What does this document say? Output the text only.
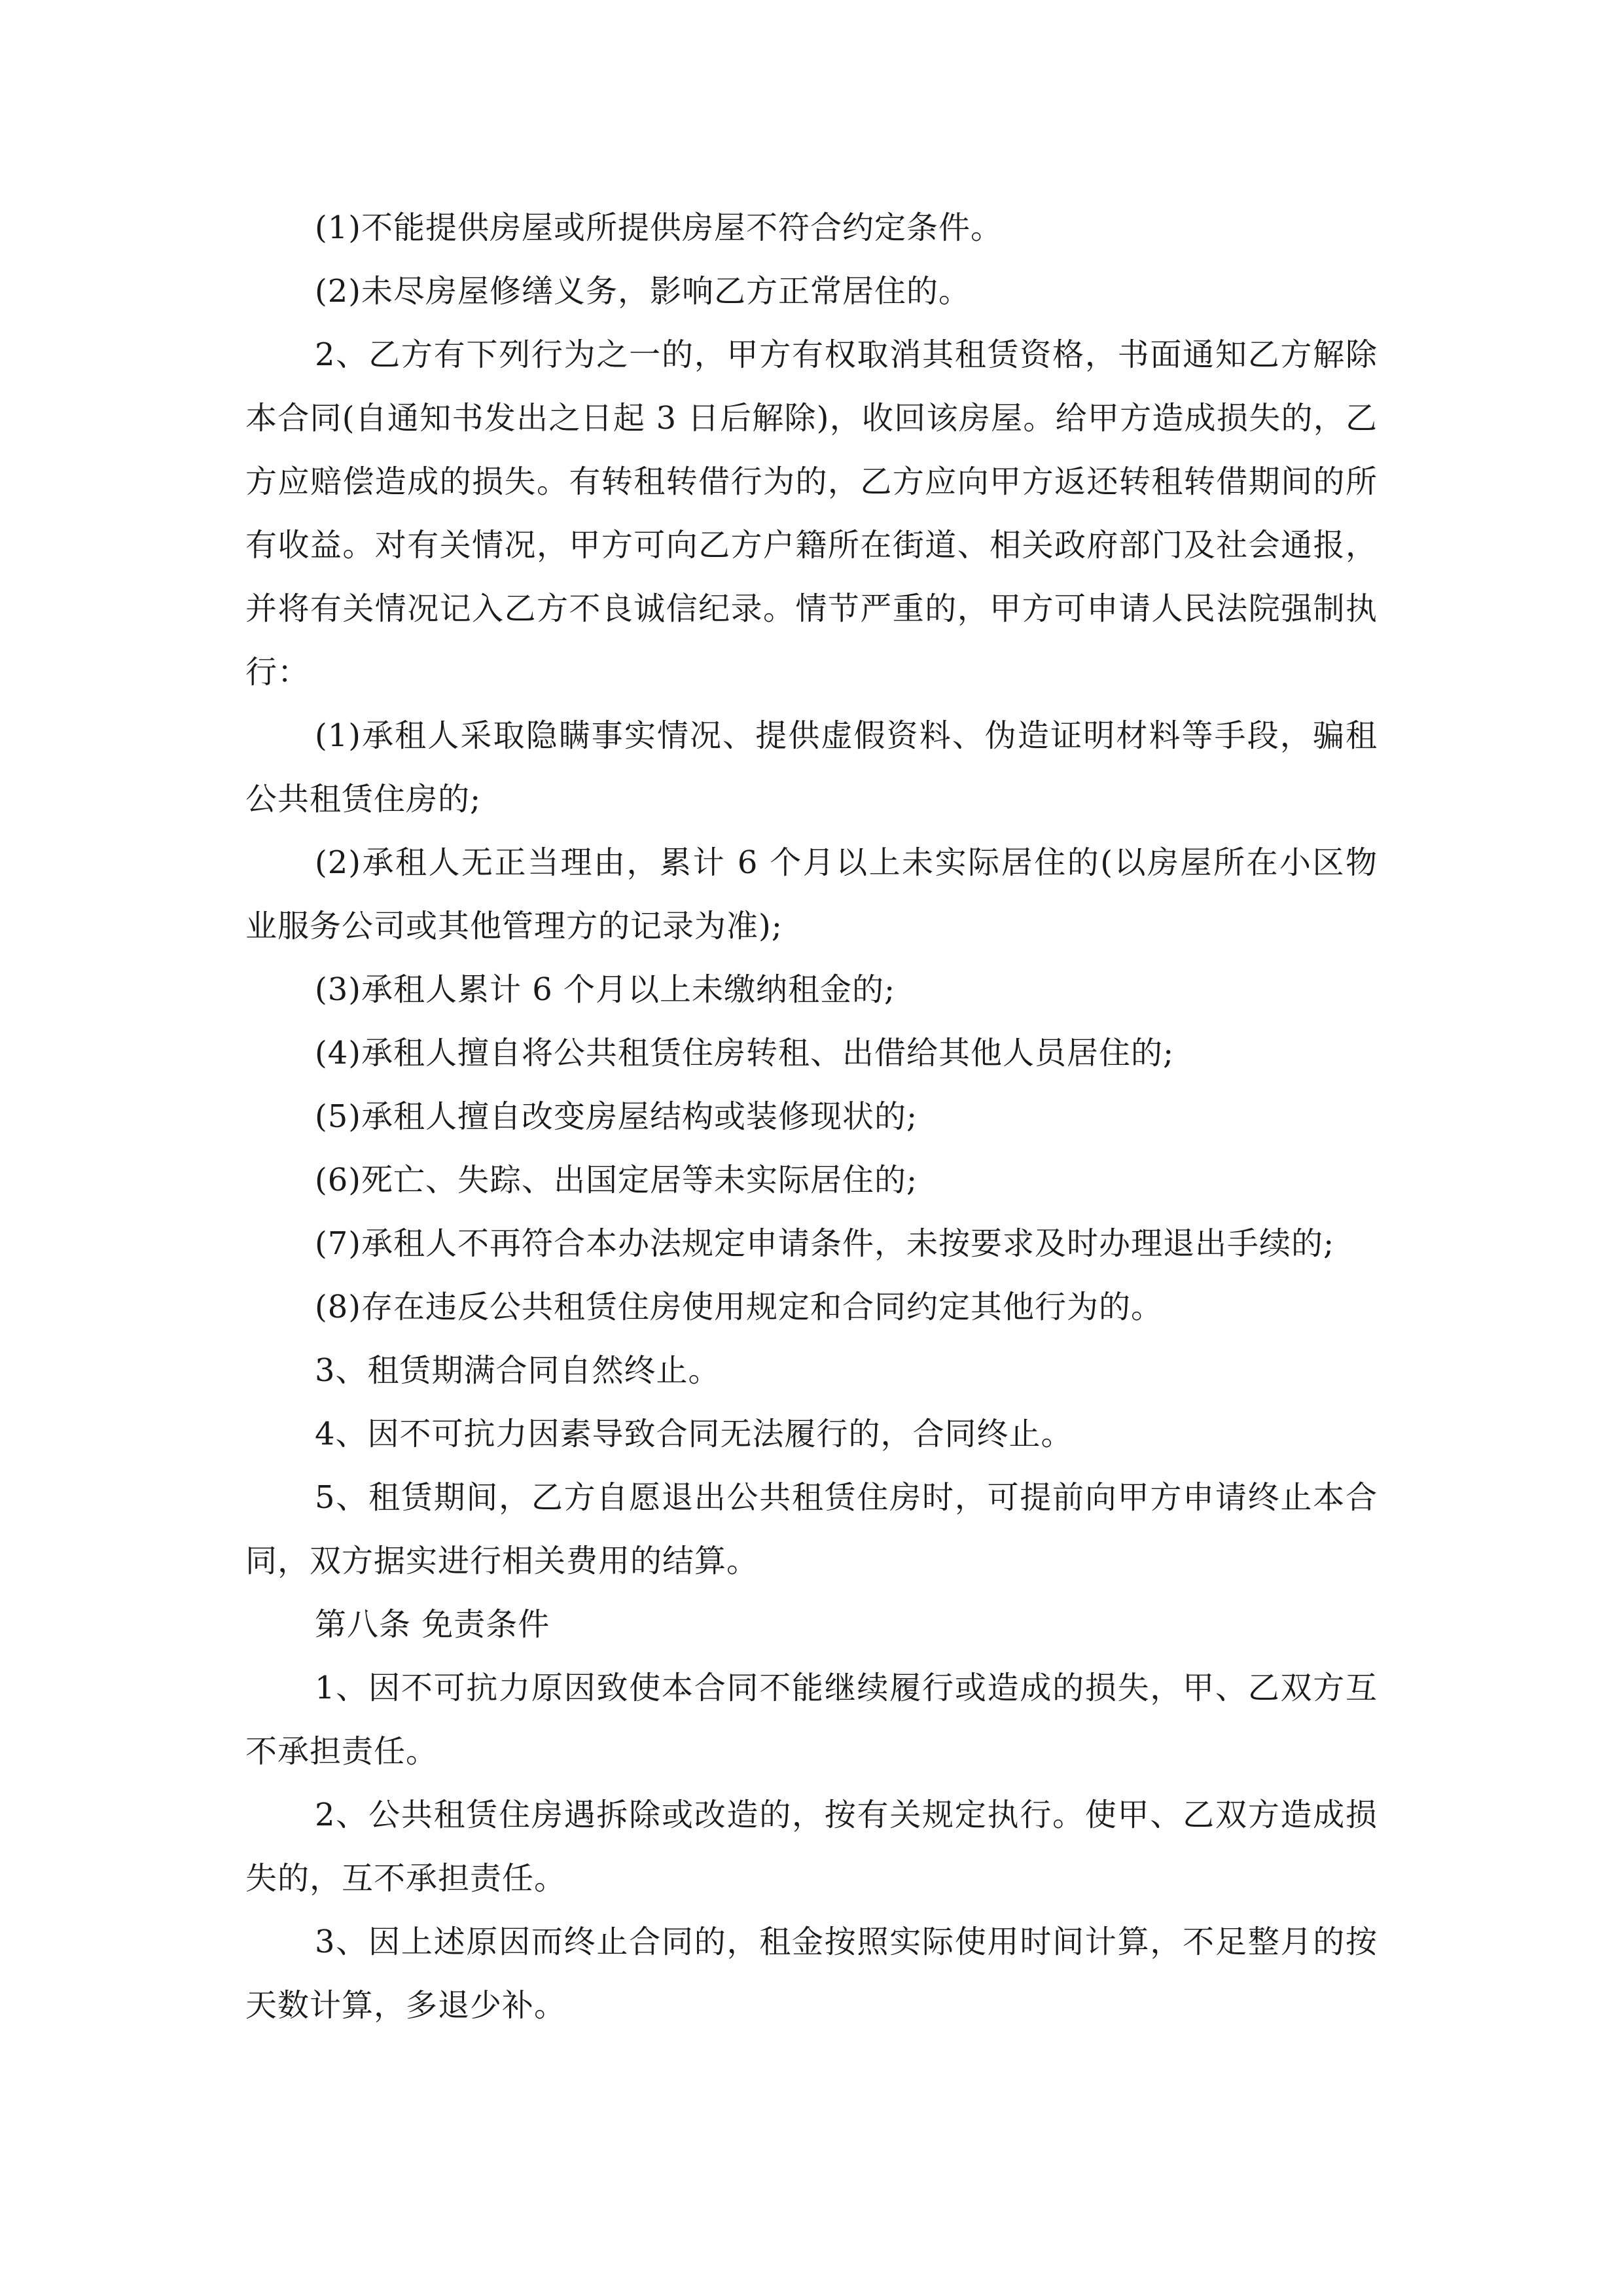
(1)不能提供房屋或所提供房屋不符合约定条件。

(2)未尽房屋修缮义务，影响乙方正常居住的。

2、乙方有下列行为之一的，甲方有权取消其租赁资格，书面通知乙方解除本合同(自通知书发出之日起 3 日后解除)，收回该房屋。给甲方造成损失的，乙方应赔偿造成的损失。有转租转借行为的，乙方应向甲方返还转租转借期间的所有收益。对有关情况，甲方可向乙方户籍所在街道、相关政府部门及社会通报，并将有关情况记入乙方不良诚信纪录。情节严重的，甲方可申请人民法院强制执行：

(1)承租人采取隐瞒事实情况、提供虚假资料、伪造证明材料等手段，骗租公共租赁住房的;

(2)承租人无正当理由，累计 6 个月以上未实际居住的(以房屋所在小区物业服务公司或其他管理方的记录为准);

(3)承租人累计 6 个月以上未缴纳租金的;

(4)承租人擅自将公共租赁住房转租、出借给其他人员居住的;

(5)承租人擅自改变房屋结构或装修现状的;

(6)死亡、失踪、出国定居等未实际居住的;

(7)承租人不再符合本办法规定申请条件，未按要求及时办理退出手续的;

(8)存在违反公共租赁住房使用规定和合同约定其他行为的。

3、租赁期满合同自然终止。

4、因不可抗力因素导致合同无法履行的，合同终止。

5、租赁期间，乙方自愿退出公共租赁住房时，可提前向甲方申请终止本合同，双方据实进行相关费用的结算。

第八条 免责条件

1、因不可抗力原因致使本合同不能继续履行或造成的损失，甲、乙双方互不承担责任。

2、公共租赁住房遇拆除或改造的，按有关规定执行。使甲、乙双方造成损失的，互不承担责任。

3、因上述原因而终止合同的，租金按照实际使用时间计算，不足整月的按天数计算，多退少补。
